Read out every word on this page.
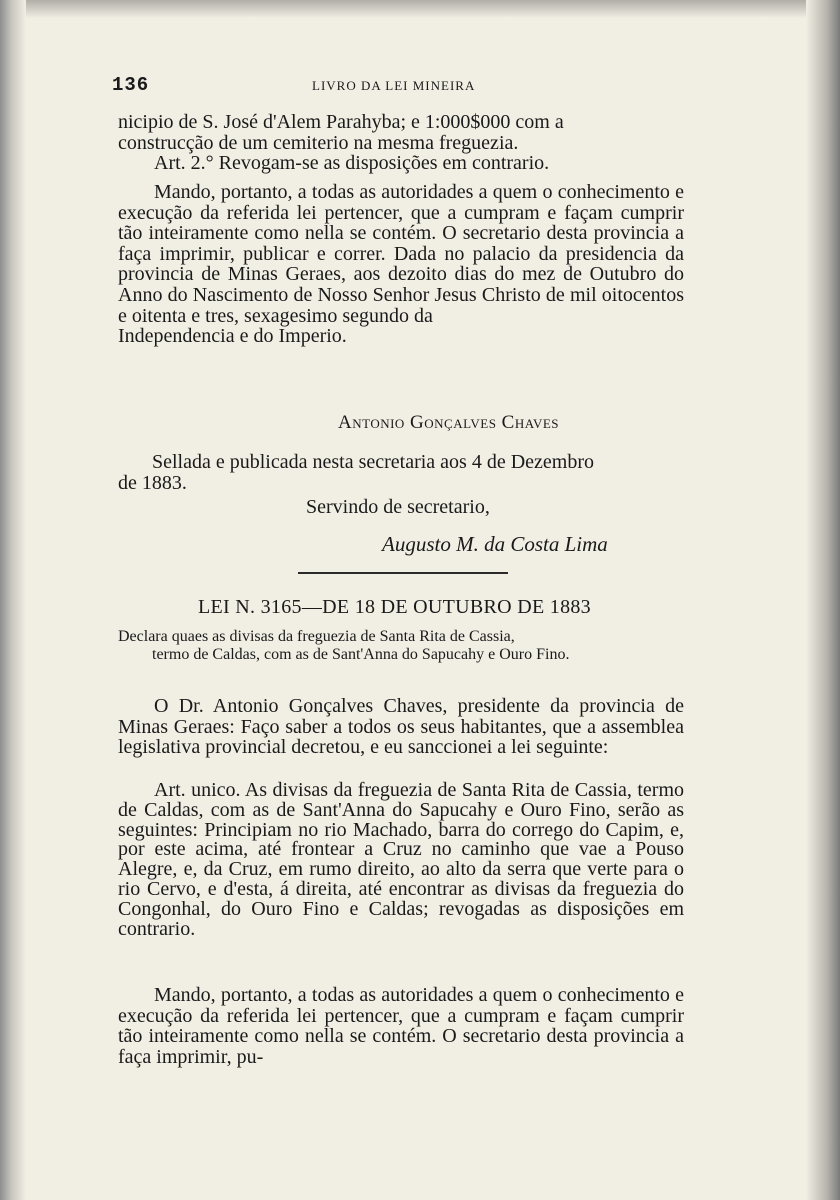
136	LIVRO DA LEI MINEIRA
nicipio de S. José d'Alem Parahyba; e 1:000$000 com a
construcção de um cemiterio na mesma freguezia.
Art. 2.° Revogam-se as disposições em contrario.
Mando, portanto, a todas as autoridades a quem o conhecimento e execução da referida lei pertencer, que a cumpram e façam cumprir tão inteiramente como nella se contém. O secretario desta provincia a faça imprimir, publicar e correr. Dada no palacio da presidencia da provincia de Minas Geraes, aos dezoito dias do mez de Outubro do Anno do Nascimento de Nosso Senhor Jesus Christo de mil oitocentos e oitenta e tres, sexagesimo segundo da
Independencia e do Imperio.
Antonio Gonçalves Chaves
Sellada e publicada nesta secretaria aos 4 de Dezembro
de 1883.
Servindo de secretario,
Augusto M. da Costa Lima
LEI N. 3165—DE 18 DE OUTUBRO DE 1883
Declara quaes as divisas da freguezia de Santa Rita de Cassia,
termo de Caldas, com as de Sant'Anna do Sapucahy e Ouro Fino.
O Dr. Antonio Gonçalves Chaves, presidente da provincia de Minas Geraes: Faço saber a todos os seus habitantes, que a assemblea legislativa provincial decretou, e eu sanccionei a lei seguinte:
Art. unico. As divisas da freguezia de Santa Rita de Cassia, termo de Caldas, com as de Sant'Anna do Sapucahy e Ouro Fino, serão as seguintes: Principiam no rio Machado, barra do corrego do Capim, e, por este acima, até frontear a Cruz no caminho que vae a Pouso Alegre, e, da Cruz, em rumo direito, ao alto da serra que verte para o rio Cervo, e d'esta, á direita, até encontrar as divisas da freguezia do Congonhal, do Ouro Fino e Caldas; revogadas as disposições em contrario.
Mando, portanto, a todas as autoridades a quem o conhecimento e execução da referida lei pertencer, que a cumpram e façam cumprir tão inteiramente como nella se contém. O secretario desta provincia a faça imprimir, pu-
